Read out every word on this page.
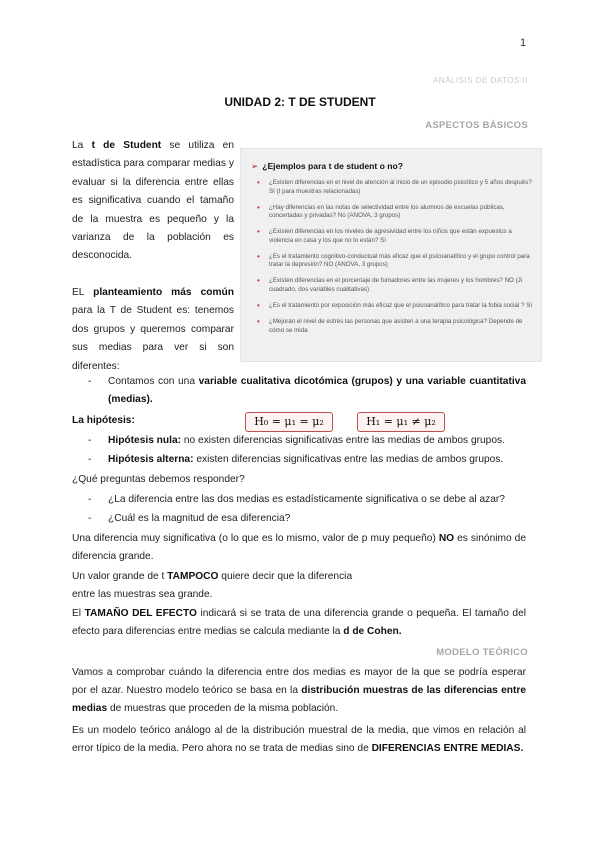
1
ANÁLISIS DE DATOS II
UNIDAD 2: T DE STUDENT
ASPECTOS BÁSICOS

La t de Student se utiliza en estadística para comparar medias y evaluar si la diferencia entre ellas es significativa cuando el tamaño de la muestra es pequeño y la varianza de la población es desconocida.

EL planteamiento más común para la T de Student es: tenemos dos grupos y queremos comparar sus medias para ver si son diferentes:

➢ ¿Ejemplos para t de student o no?
• ¿Existen diferencias en el nivel de atención al inicio de un episodio psicótico y 5 años después? Sí (t para muestras relacionadas)
• ¿Hay diferencias en las notas de selectividad entre los alumnos de escuelas públicas, concertadas y privadas? No (ANOVA, 3 grupos)
• ¿Existen diferencias en los niveles de agresividad entre los niños que están expuestos a violencia en casa y los que no lo están? Sí
• ¿Es el tratamiento cognitivo-conductual más eficaz que el psicoanalítico y el grupo control para tratar la depresión? NO (ANOVA, 3 grupos)
• ¿Existen diferencias en el porcentaje de fumadores entre las mujeres y los hombres? NO (Ji cuadrado, dos variables cualitativas)
• ¿Es el tratamiento por exposición más eficaz que el psicoanalítico para tratar la fobia social ? Sí
• ¿Mejoran el nivel de estrés las personas que asisten a una terapia psicológica? Depende de cómo se mida
-	Contamos con una variable cualitativa dicotómica (grupos) y una variable cuantitativa (medias).
La hipótesis:	H₀ = μ₁ = μ₂	H₁ = μ₁ ≠ μ₂
- Hipótesis nula: no existen diferencias significativas entre las medias de ambos grupos.
- Hipótesis alterna: existen diferencias significativas entre las medias de ambos grupos.
¿Qué preguntas debemos responder?
- ¿La diferencia entre las dos medias es estadísticamente significativa o se debe al azar?
- ¿Cuál es la magnitud de esa diferencia?
Una diferencia muy significativa (o lo que es lo mismo, valor de p muy pequeño) NO es sinónimo de diferencia grande.
Un valor grande de t TAMPOCO quiere decir que la diferencia
entre las muestras sea grande.
El TAMAÑO DEL EFECTO indicará si se trata de una diferencia grande o pequeña. El tamaño del efecto para diferencias entre medias se calcula mediante la d de Cohen.
MODELO TEÓRICO
Vamos a comprobar cuándo la diferencia entre dos medias es mayor de la que se podría esperar por el azar. Nuestro modelo teórico se basa en la distribución muestras de las diferencias entre medias de muestras que proceden de la misma población.
Es un modelo teórico análogo al de la distribución muestral de la media, que vimos en relación al error típico de la media. Pero ahora no se trata de medias sino de DIFERENCIAS ENTRE MEDIAS.
